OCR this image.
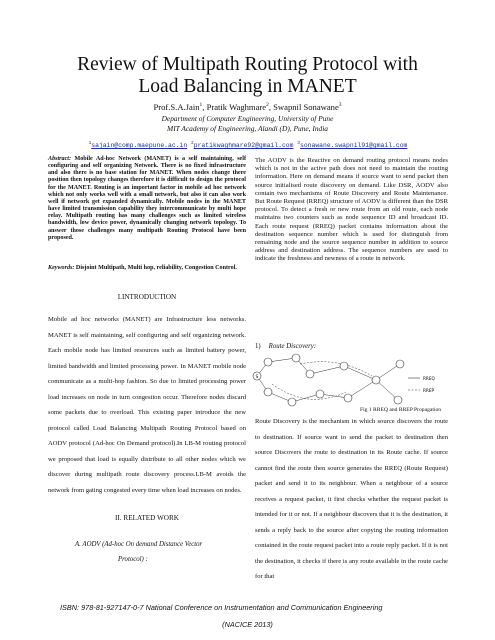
Review of Multipath Routing Protocol with
Load Balancing in MANET
Prof.S.A.Jain$^1$, Pratik Waghmare$^2$, Swapnil Sonawane$^3$
Department of Computer Engineering, University of Pune
MIT Academy of Engineering, Alandi (D), Pune, India
$^1$sajain@comp.maepune.ac.in $^2$pratikwaghmare92@gmail.com $^3$sonawane.swapnil91@gmail.com
Abstract: Mobile Ad-hoc Network (MANET) is a self maintaining, self configuring and self organizing Network. There is no fixed infrastructure and also there is no base station for MANET. When nodes change there position then topology changes therefore it is difficult to design the protocol for the MANET. Routing is an important factor in mobile ad hoc network which not only works well with a small network, but also it can also work well if network get expanded dynamically. Mobile nodes in the MANET have limited transmission capability they intercommunicate by multi hope relay. Multipath routing has many challenges such as limited wireless bandwidth, low device power, dynamically changing network topology. To answer those challenges many multipath Routing Protocol have been proposed.
Keywords: Disjoint Multipath, Multi hop, reliability, Congestion Control.
I.INTRODUCTION
Mobile ad hoc networks (MANET) are Infrastructure less networks. MANET is self maintaining, self configuring and self organizing network. Each mobile node has limited resources such as limited battery power, limited bandwidth and limited processing power. In MANET mobile node communicate as a multi-hop fashion. So due to limited processing power load increases on node in turn congestion occur. Therefore nodes discard some packets due to overload. This existing paper introduce the new protocol called Load Balancing Multipath Routing Protocol based on AODV protocol (Ad-hoc On Demand protocol).In LB-M routing protocol we proposed that load is equally distribute to all other nodes which we discover during multipath route discovery process.LB-M avoids the network from gating congested every time when load increases on nodes.
II. RELATED WORK
A. AODV (Ad-hoc On demand Distance Vector
Protocol) :
The AODV is the Reactive on demand routing protocol means nodes which is not in the active path does not need to maintain the routing information. Here on demand means if source want to send packet then source initialised route discovery on demand. Like DSR, AODV also contain two mechanisms of Route Discovery and Route Maintenance. But Route Request (RREQ) structure of AODV is different than the DSR protocol. To detect a fresh or new route from an old route, each node maintains two counters such as node sequence ID and broadcast ID. Each route request (RREQ) packet contains information about the destination sequence number which is used for distinguish from remaining node and the source sequence number in addition to source address and destination address. The sequence numbers are used to indicate the freshness and newness of a route in network.
1) Route Discovery:
S	RREQ
RREP
Fig 1 RREQ and RREP Propagation
Route Discovery is the mechanism in which source discovers the route to destination. If source want to send the packet to destination then source Discovers the route to destination in its Route cache. If source cannot find the route then source generates the RREQ (Route Request) packet and send it to its neighbour. When a neighbour of a source receives a request packet, it first checks whether the request packet is intended for it or not. If a neighbour discovers that it is the destination, it sends a reply back to the source after copying the routing information contained in the route request packet into a route reply packet. If it is not the destination, it checks if there is any route available in the route cache for that
ISBN: 978-81-927147-0-7 National Conference on Instrumentation and Communication Engineering
(NACICE 2013)
